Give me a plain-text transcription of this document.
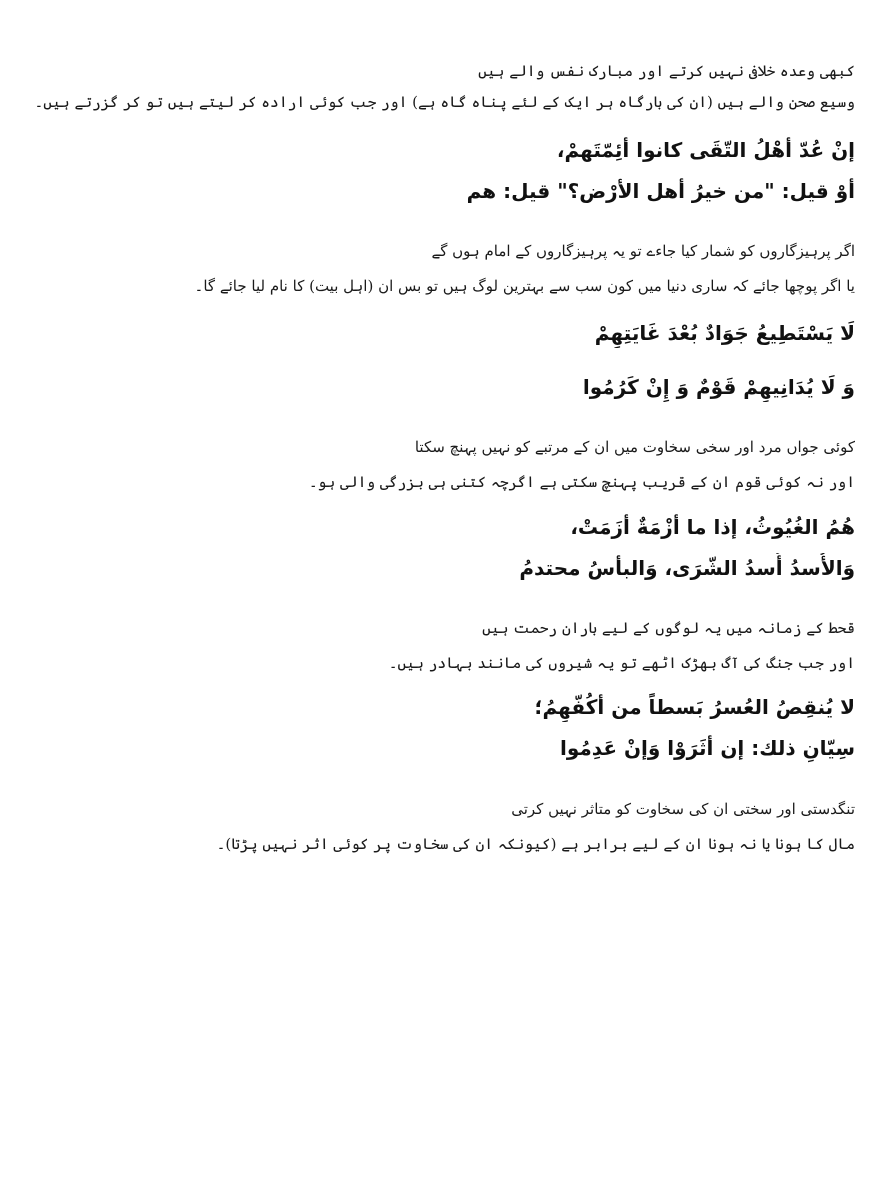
کبھی وعدہ خلافی نہیں کرتے اور مبارک نفس والے ہیں
وسیع صحن والے ہیں (ان کی بارگاہ ہر ایک کے لئے پناہ گاہ ہے) اور جب کوئی ارادہ کر لیتے ہیں تو کر گزرتے ہیں۔
إنْ عُدّ أهْلُ التّقَى كانوا أئِمّتَهمْ،
أوْ قيل: "من خيرُ أهل الأرْض؟" قيل: هم
اگر پرہیزگاروں کو شمار کیا جاءے تو یہ پرہیزگاروں کے امام ہوں گے
یا اگر پوچھا جائے کہ ساری دنیا میں کون سب سے بہترین لوگ ہیں تو بس ان (اہل بیت) کا نام لیا جائے گا۔
لَا يَسْتَطِيعُ جَوَادٌ بُعْدَ غَايَتِهِمْ
وَ لَا يُدَانِيهِمْ قَوْمٌ وَ إِنْ كَرُمُوا
کوئی جواں مرد اور سخی سخاوت میں ان کے مرتبے کو نہیں پہنچ سکتا
اور نہ کوئی قوم ان کے قریب پہنچ سکتی ہے اگرچہ کتنی ہی بزرگی والی ہو۔
هُمُ الغُيُوثُ، إذا ما أزْمَةٌ أزَمَتْ،
وَالأُسدُ أُسدُ الشّرَى، وَالبأسُ محتدمُ
قحط کے زمانہ میں یہ لوگوں کے لیے باران رحمت ہیں
اور جب جنگ کی آگ بھڑک اٹھے تو یہ شیروں کی مانند بہادر ہیں۔
لا يُنقِصُ العُسرُ بَسطاً من أكُفّهِمُ؛
سِيّانِ ذلك: إن أثَرَوْا وَإنْ عَدِمُوا
تنگدستی اور سختی ان کی سخاوت کو متاثر نہیں کرتی
مال کا ہونا یا نہ ہونا ان کے لیے برابر ہے (کیونکہ ان کی سخاوت پر کوئی اثر نہیں پڑتا)۔
